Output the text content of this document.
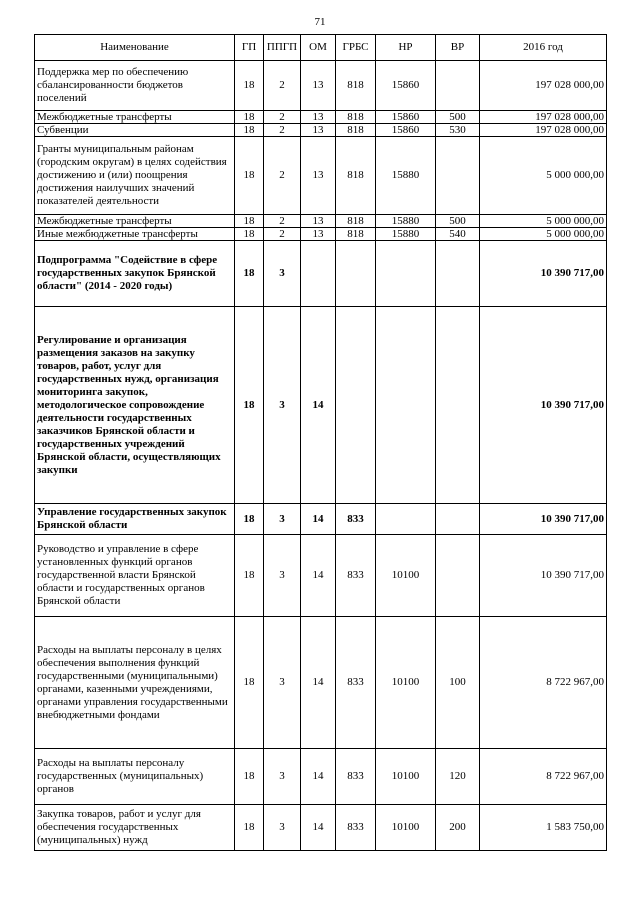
71
Наименование	ГП	ППГП	ОМ	ГРБС	НР	ВР	2016 год
Поддержка мер по обеспечению сбалансированности бюджетов поселений	18	2	13	818	15860		197 028 000,00
Межбюджетные трансферты	18	2	13	818	15860	500	197 028 000,00
Субвенции	18	2	13	818	15860	530	197 028 000,00
Гранты муниципальным районам (городским округам) в целях содействия достижению и (или) поощрения достижения наилучших значений показателей деятельности	18	2	13	818	15880		5 000 000,00
Межбюджетные трансферты	18	2	13	818	15880	500	5 000 000,00
Иные межбюджетные трансферты	18	2	13	818	15880	540	5 000 000,00
Подпрограмма "Содействие в сфере государственных закупок Брянской области" (2014 - 2020 годы)	18	3					10 390 717,00
Регулирование и организация размещения заказов на закупку товаров, работ, услуг для государственных нужд, организация мониторинга закупок, методологическое сопровождение деятельности государственных заказчиков Брянской области и государственных учреждений Брянской области, осуществляющих закупки	18	3	14				10 390 717,00
Управление государственных закупок Брянской области	18	3	14	833			10 390 717,00
Руководство и управление в сфере установленных функций органов государственной власти Брянской области и государственных органов Брянской области	18	3	14	833	10100		10 390 717,00
Расходы на выплаты персоналу в целях обеспечения выполнения функций государственными (муниципальными) органами, казенными учреждениями, органами управления государственными внебюджетными фондами	18	3	14	833	10100	100	8 722 967,00
Расходы на выплаты персоналу государственных (муниципальных) органов	18	3	14	833	10100	120	8 722 967,00
Закупка товаров, работ и услуг для обеспечения государственных (муниципальных) нужд	18	3	14	833	10100	200	1 583 750,00
